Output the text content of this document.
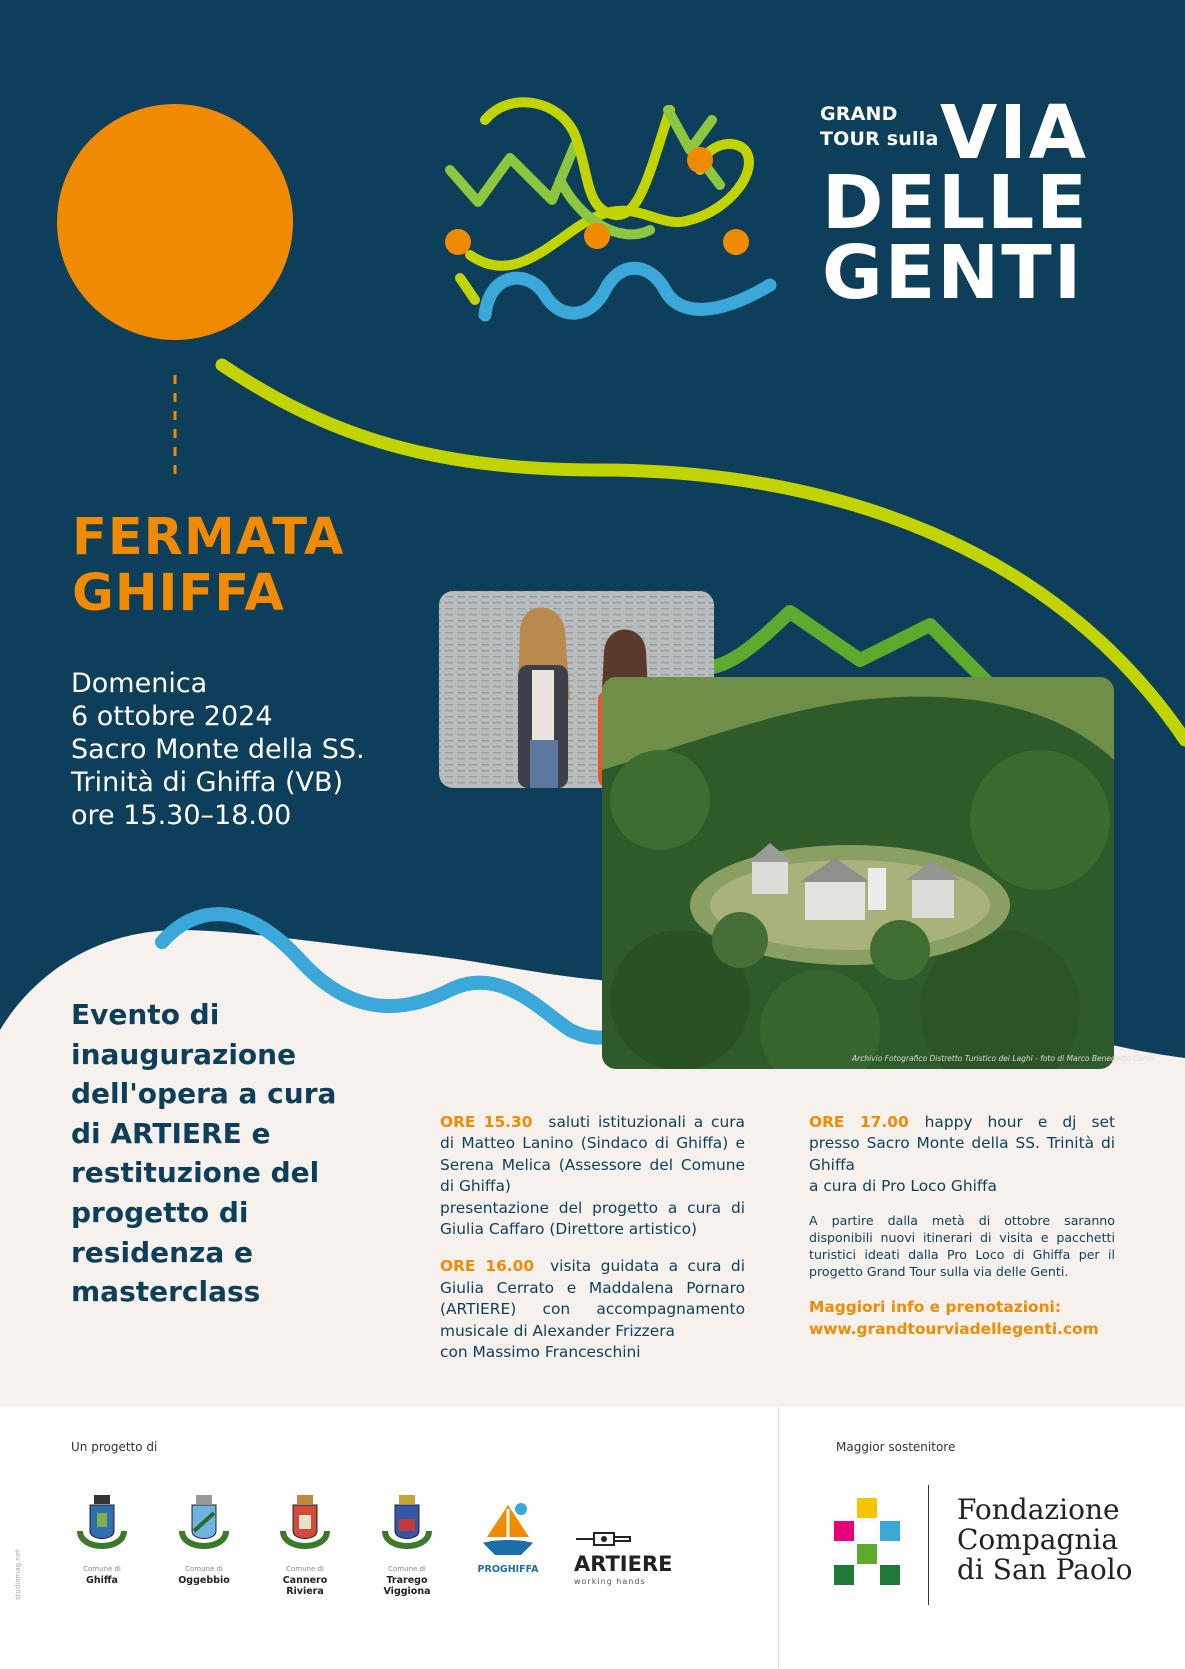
GRAND
TOUR sulla VIA
DELLE
GENTI
FERMATA
GHIFFA
Domenica
6 ottobre 2024
Sacro Monte della SS.
Trinità di Ghiffa (VB)
ore 15.30–18.00
Archivio Fotografico Distretto Turistico dei Laghi - foto di Marco Benedetto Cerini

Evento di inaugurazione dell'opera a cura di ARTIERE e restituzione del progetto di residenza e masterclass

ORE 15.30 saluti istituzionali a cura di Matteo Lanino (Sindaco di Ghiffa) e Serena Melica (Assessore del Comune di Ghiffa)
presentazione del progetto a cura di Giulia Caffaro (Direttore artistico)
ORE 16.00 visita guidata a cura di Giulia Cerrato e Maddalena Pornaro (ARTIERE) con accompagnamento musicale di Alexander Frizzera
con Massimo Franceschini
ORE 17.00 happy hour e dj set presso Sacro Monte della SS. Trinità di Ghiffa
a cura di Pro Loco Ghiffa
A partire dalla metà di ottobre saranno disponibili nuovi itinerari di visita e pacchetti turistici ideati dalla Pro Loco di Ghiffa per il progetto Grand Tour sulla via delle Genti.
Maggiori info e prenotazioni:
www.grandtourviadellegenti.com
Un progetto di	Maggior sostenitore
Comune di
Ghiffa
Comune di
Oggebbio
Comune di
Cannero Riviera
Comune di
Trarego Viggiona
PROGHIFFA
	ARTIERE
working hands
Fondazione
Compagnia
di San Paolo
studiomag.net
